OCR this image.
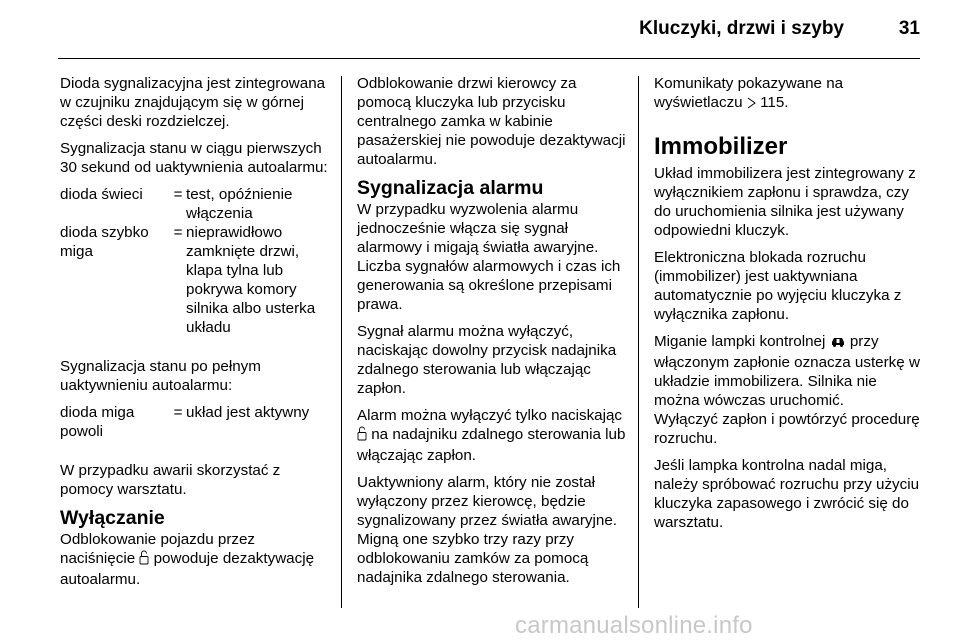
Kluczyki, drzwi i szyby	31

Dioda sygnalizacyjna jest zintegrowana w czujniku znajdującym się w górnej części deski rozdzielczej.

Sygnalizacja stanu w ciągu pierwszych 30 sekund od uaktywnienia autoalarmu:

dioda świeci	= test, opóźnienie włączenia
dioda szybko miga
= nieprawidłowo zamknięte drzwi, klapa tylna lub pokrywa komory silnika albo usterka układu

Sygnalizacja stanu po pełnym uaktywnieniu autoalarmu:

dioda miga powoli
= układ jest aktywny

W przypadku awarii skorzystać z pomocy warsztatu.

Wyłączanie

Odblokowanie pojazdu przez naciśnięcie powoduje dezaktywację autoalarmu.

Odblokowanie drzwi kierowcy za pomocą kluczyka lub przycisku centralnego zamka w kabinie pasażerskiej nie powoduje dezaktywacji autoalarmu.

Sygnalizacja alarmu

W przypadku wyzwolenia alarmu jednocześnie włącza się sygnał alarmowy i migają światła awaryjne. Liczba sygnałów alarmowych i czas ich generowania są określone przepisami prawa.

Sygnał alarmu można wyłączyć, naciskając dowolny przycisk nadajnika zdalnego sterowania lub włączając zapłon.

Alarm można wyłączyć tylko naciskając  na nadajniku zdalnego sterowania lub włączając zapłon.

Uaktywniony alarm, który nie został wyłączony przez kierowcę, będzie sygnalizowany przez światła awaryjne. Migną one szybko trzy razy przy odblokowaniu zamków za pomocą nadajnika zdalnego sterowania.

Komunikaty pokazywane na wyświetlaczu 115.

Immobilizer

Układ immobilizera jest zintegrowany z wyłącznikiem zapłonu i sprawdza, czy do uruchomienia silnika jest używany odpowiedni kluczyk.

Elektroniczna blokada rozruchu (immobilizer) jest uaktywniana automatycznie po wyjęciu kluczyka z wyłącznika zapłonu.

Miganie lampki kontrolnej przy włączonym zapłonie oznacza usterkę w układzie immobilizera. Silnika nie można wówczas uruchomić.

Wyłączyć zapłon i powtórzyć procedurę rozruchu.

Jeśli lampka kontrolna nadal miga, należy spróbować rozruchu przy użyciu kluczyka zapasowego i zwrócić się do warsztatu.

carmanualsonline.info
